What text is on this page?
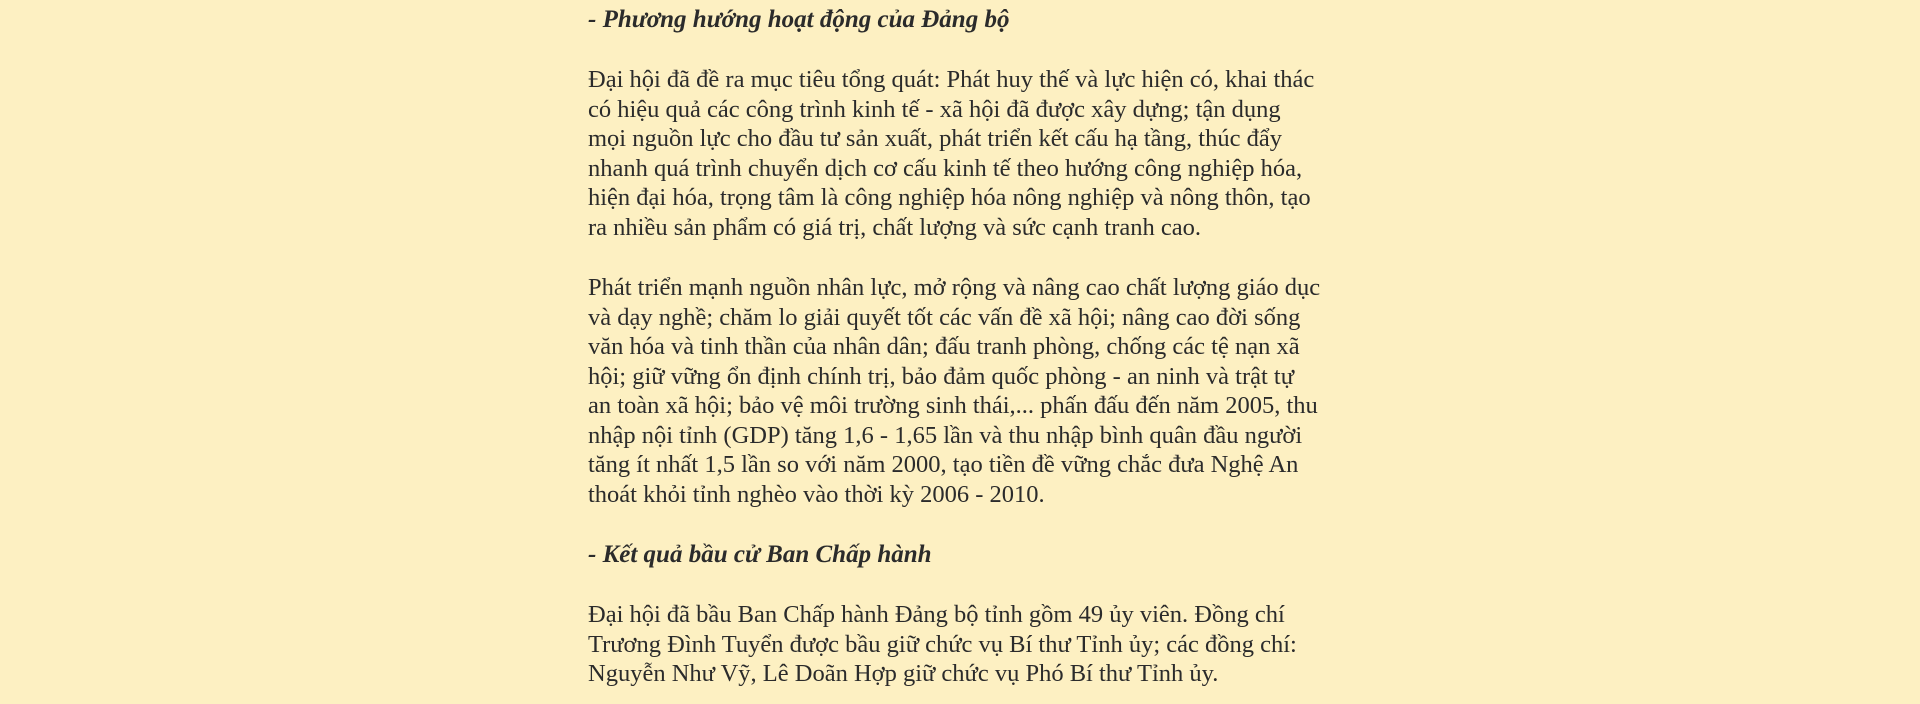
- Phương hướng hoạt động của Đảng bộ

Đại hội đã đề ra mục tiêu tổng quát: Phát huy thế và lực hiện có, khai thác
có hiệu quả các công trình kinh tế - xã hội đã được xây dựng; tận dụng
mọi nguồn lực cho đầu tư sản xuất, phát triển kết cấu hạ tầng, thúc đẩy
nhanh quá trình chuyển dịch cơ cấu kinh tế theo hướng công nghiệp hóa,
hiện đại hóa, trọng tâm là công nghiệp hóa nông nghiệp và nông thôn, tạo
ra nhiều sản phẩm có giá trị, chất lượng và sức cạnh tranh cao.

Phát triển mạnh nguồn nhân lực, mở rộng và nâng cao chất lượng giáo dục
và dạy nghề; chăm lo giải quyết tốt các vấn đề xã hội; nâng cao đời sống
văn hóa và tinh thần của nhân dân; đấu tranh phòng, chống các tệ nạn xã
hội; giữ vững ổn định chính trị, bảo đảm quốc phòng - an ninh và trật tự
an toàn xã hội; bảo vệ môi trường sinh thái,... phấn đấu đến năm 2005, thu
nhập nội tỉnh (GDP) tăng 1,6 - 1,65 lần và thu nhập bình quân đầu người
tăng ít nhất 1,5 lần so với năm 2000, tạo tiền đề vững chắc đưa Nghệ An
thoát khỏi tỉnh nghèo vào thời kỳ 2006 - 2010.

- Kết quả bầu cử Ban Chấp hành

Đại hội đã bầu Ban Chấp hành Đảng bộ tỉnh gồm 49 ủy viên. Đồng chí
Trương Đình Tuyển được bầu giữ chức vụ Bí thư Tỉnh ủy; các đồng chí:
Nguyễn Như Vỹ, Lê Doãn Hợp giữ chức vụ Phó Bí thư Tỉnh ủy.
